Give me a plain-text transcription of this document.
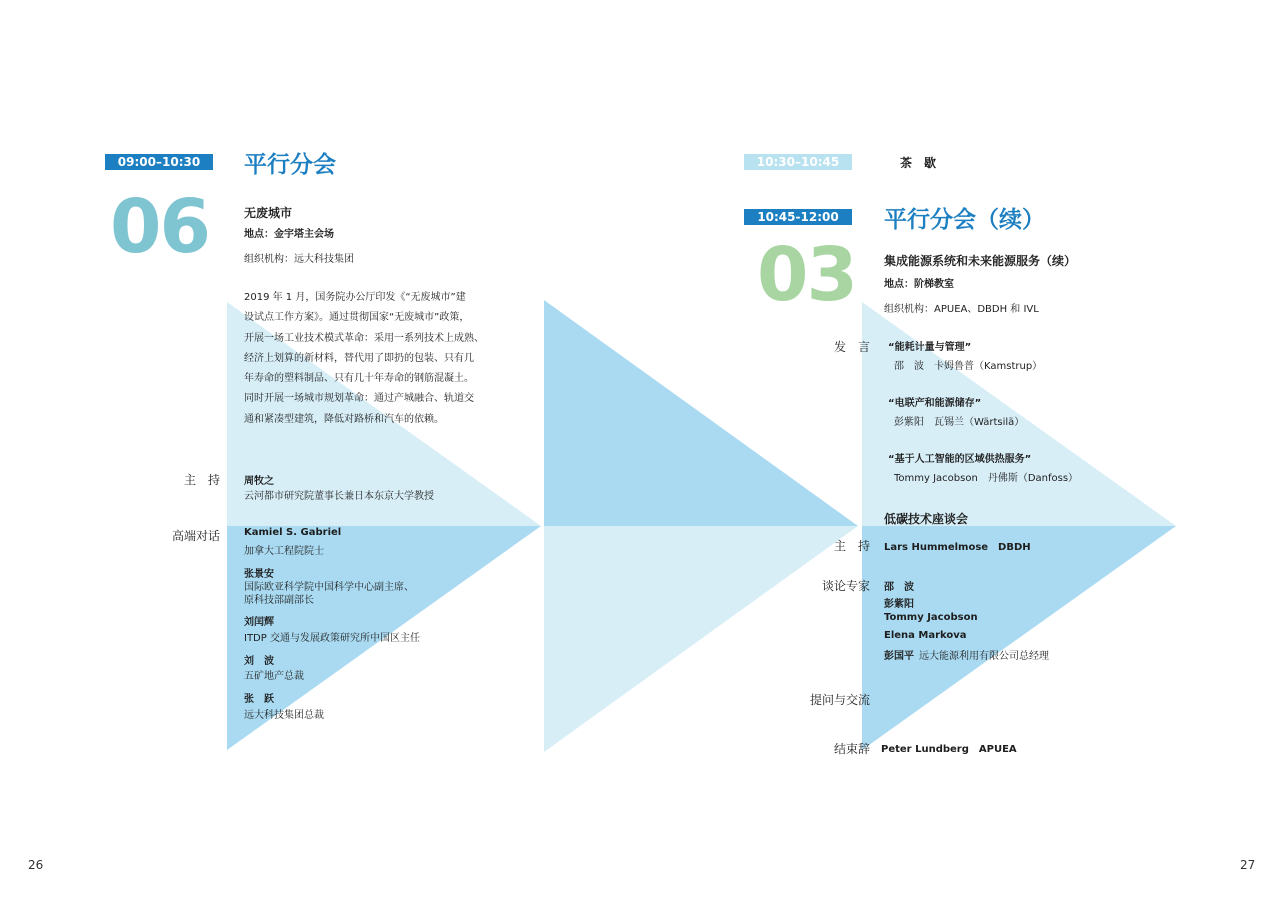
09:00–10:30	平行分会
06	无废城市
地点：金宇塔主会场
组织机构：远大科技集团
2019 年 1 月，国务院办公厅印发《“无废城市”建
设试点工作方案》。通过贯彻国家“无废城市”政策，
开展一场工业技术模式革命：采用一系列技术上成熟、
经济上划算的新材料，替代用了即扔的包装、只有几
年寿命的塑料制品、只有几十年寿命的钢筋混凝土。
同时开展一场城市规划革命：通过产城融合、轨道交
通和紧凑型建筑，降低对路桥和汽车的依赖。
主　持 周牧之
云河都市研究院董事长兼日本东京大学教授
高端对话 Kamiel S. Gabriel
加拿大工程院院士
张景安
国际欧亚科学院中国科学中心副主席、
原科技部副部长
刘闰辉
ITDP 交通与发展政策研究所中国区主任
刘　波
五矿地产总裁
张　跃
远大科技集团总裁
26
10:30–10:45	茶　歇
10:45-12:00	平行分会（续）
03 集成能源系统和未来能源服务（续）
地点：阶梯教室
组织机构：APUEA、DBDH 和 IVL
发　言 “能耗计量与管理”
邵　波　卡姆鲁普（Kamstrup）
“电联产和能源储存”
彭紫阳　瓦锡兰（Wärtsilä）
“基于人工智能的区域供热服务”
Tommy Jacobson　丹佛斯（Danfoss）
低碳技术座谈会
主　持 Lars Hummelmose　DBDH
谈论专家 邵　波
彭紫阳
Tommy Jacobson
Elena Markova
彭国平 远大能源利用有限公司总经理
提问与交流
结束辞 Peter Lundberg　APUEA
27
